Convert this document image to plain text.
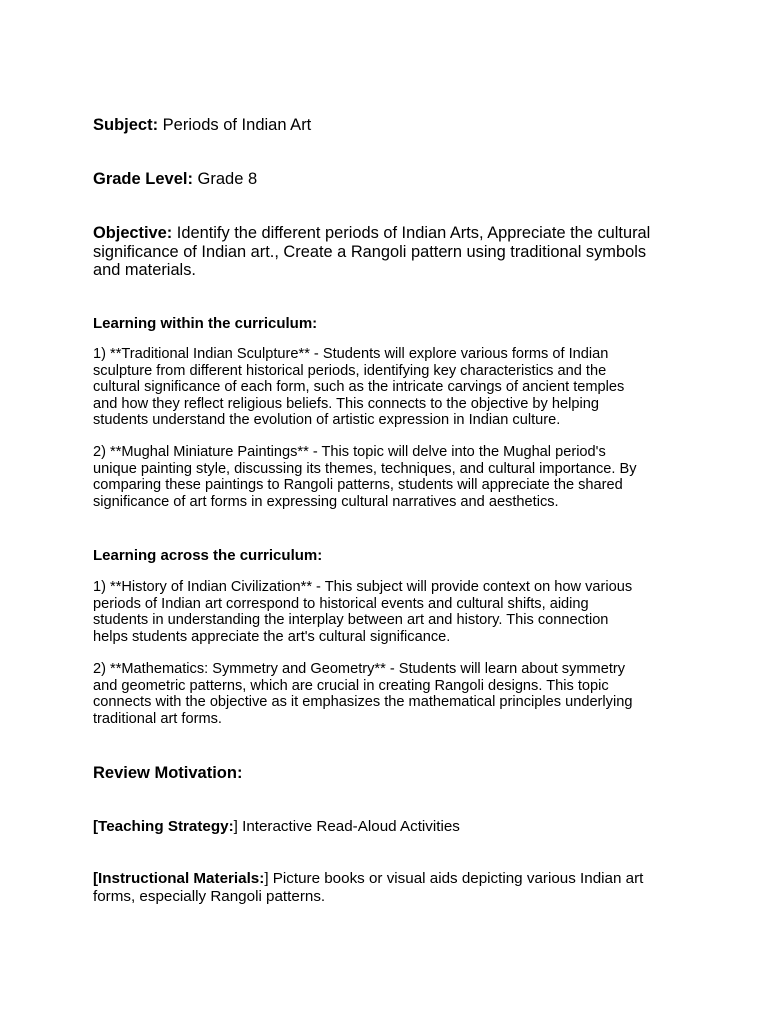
Subject: Periods of Indian Art
Grade Level: Grade 8
Objective: Identify the different periods of Indian Arts, Appreciate the cultural
significance of Indian art., Create a Rangoli pattern using traditional symbols
and materials.
Learning within the curriculum:

1) **Traditional Indian Sculpture** - Students will explore various forms of Indian

sculpture from different historical periods, identifying key characteristics and the

cultural significance of each form, such as the intricate carvings of ancient temples

and how they reflect religious beliefs. This connects to the objective by helping

students understand the evolution of artistic expression in Indian culture.

2) **Mughal Miniature Paintings** - This topic will delve into the Mughal period's

unique painting style, discussing its themes, techniques, and cultural importance. By

comparing these paintings to Rangoli patterns, students will appreciate the shared

significance of art forms in expressing cultural narratives and aesthetics.

Learning across the curriculum:

1) **History of Indian Civilization** - This subject will provide context on how various

periods of Indian art correspond to historical events and cultural shifts, aiding

students in understanding the interplay between art and history. This connection

helps students appreciate the art's cultural significance.

2) **Mathematics: Symmetry and Geometry** - Students will learn about symmetry

and geometric patterns, which are crucial in creating Rangoli designs. This topic

connects with the objective as it emphasizes the mathematical principles underlying

traditional art forms.

Review Motivation:
[Teaching Strategy:] Interactive Read-Aloud Activities

[Instructional Materials:] Picture books or visual aids depicting various Indian art

forms, especially Rangoli patterns.
